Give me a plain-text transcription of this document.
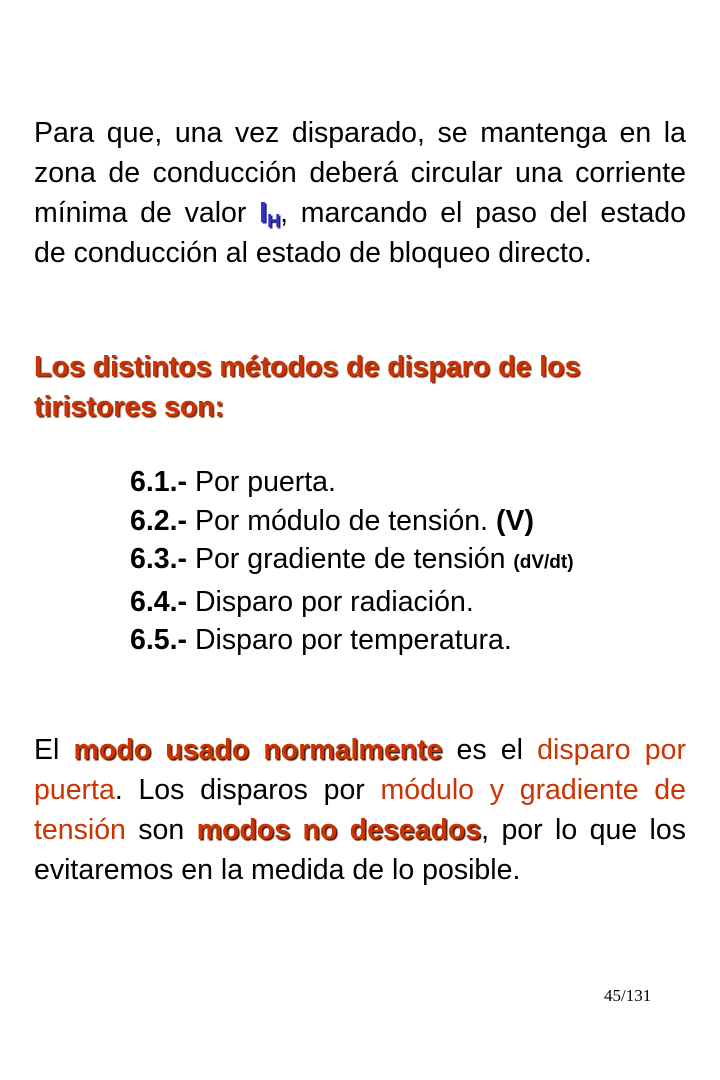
Para que, una vez disparado, se mantenga en la zona de conducción deberá circular una corriente mínima de valor $I_H$, marcando el paso del estado de conducción al estado de bloqueo directo.
Los distintos métodos de disparo de los
tiristores son:
6.1.- Por puerta.
6.2.- Por módulo de tensión. (V)
6.3.- Por gradiente de tensión (dV/dt)
6.4.- Disparo por radiación.
6.5.- Disparo por temperatura.
El modo usado normalmente es el disparo por puerta. Los disparos por módulo y gradiente de tensión son modos no deseados, por lo que los evitaremos en la medida de lo posible.
45/131
